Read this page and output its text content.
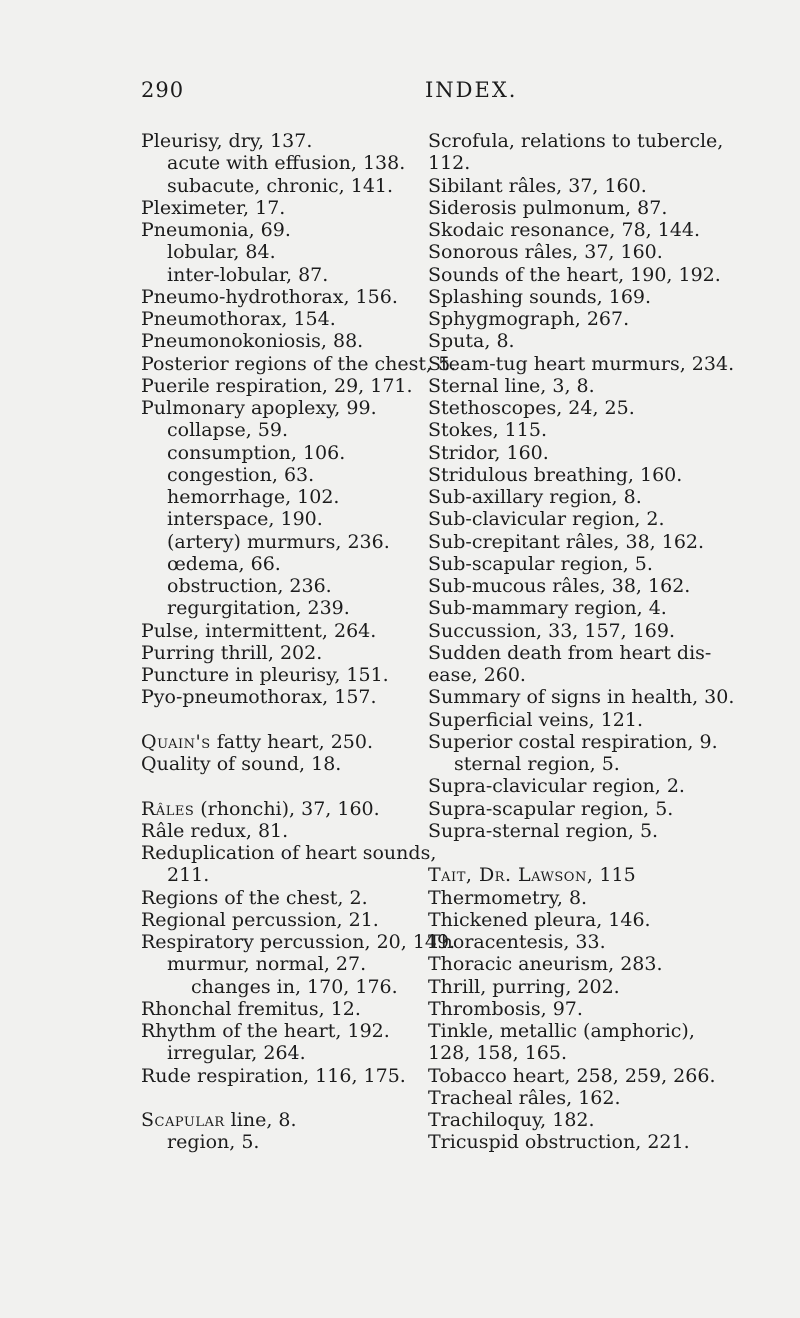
290	INDEX.
Pleurisy, dry, 137.
acute with effusion, 138.
subacute, chronic, 141.
Pleximeter, 17.
Pneumonia, 69.
lobular, 84.
inter-lobular, 87.
Pneumo-hydrothorax, 156.
Pneumothorax, 154.
Pneumonokoniosis, 88.
Posterior regions of the chest, 5.
Puerile respiration, 29, 171.
Pulmonary apoplexy, 99.
collapse, 59.
consumption, 106.
congestion, 63.
hemorrhage, 102.
interspace, 190.
(artery) murmurs, 236.
œdema, 66.
obstruction, 236.
regurgitation, 239.
Pulse, intermittent, 264.
Purring thrill, 202.
Puncture in pleurisy, 151.
Pyo-pneumothorax, 157.
Quain's fatty heart, 250.
Quality of sound, 18.
Râles (rhonchi), 37, 160.
Râle redux, 81.
Reduplication of heart sounds,
211.
Regions of the chest, 2.
Regional percussion, 21.
Respiratory percussion, 20, 149.
murmur, normal, 27.
changes in, 170, 176.
Rhonchal fremitus, 12.
Rhythm of the heart, 192.
irregular, 264.
Rude respiration, 116, 175.
Scapular line, 8.
region, 5.
Scrofula, relations to tubercle,
112.
Sibilant râles, 37, 160.
Siderosis pulmonum, 87.
Skodaic resonance, 78, 144.
Sonorous râles, 37, 160.
Sounds of the heart, 190, 192.
Splashing sounds, 169.
Sphygmograph, 267.
Sputa, 8.
Steam-tug heart murmurs, 234.
Sternal line, 3, 8.
Stethoscopes, 24, 25.
Stokes, 115.
Stridor, 160.
Stridulous breathing, 160.
Sub-axillary region, 8.
Sub-clavicular region, 2.
Sub-crepitant râles, 38, 162.
Sub-scapular region, 5.
Sub-mucous râles, 38, 162.
Sub-mammary region, 4.
Succussion, 33, 157, 169.
Sudden death from heart dis-
ease, 260.
Summary of signs in health, 30.
Superficial veins, 121.
Superior costal respiration, 9.
sternal region, 5.
Supra-clavicular region, 2.
Supra-scapular region, 5.
Supra-sternal region, 5.
Tait, Dr. Lawson, 115
Thermometry, 8.
Thickened pleura, 146.
Thoracentesis, 33.
Thoracic aneurism, 283.
Thrill, purring, 202.
Thrombosis, 97.
Tinkle, metallic (amphoric),
128, 158, 165.
Tobacco heart, 258, 259, 266.
Tracheal râles, 162.
Trachiloquy, 182.
Tricuspid obstruction, 221.
